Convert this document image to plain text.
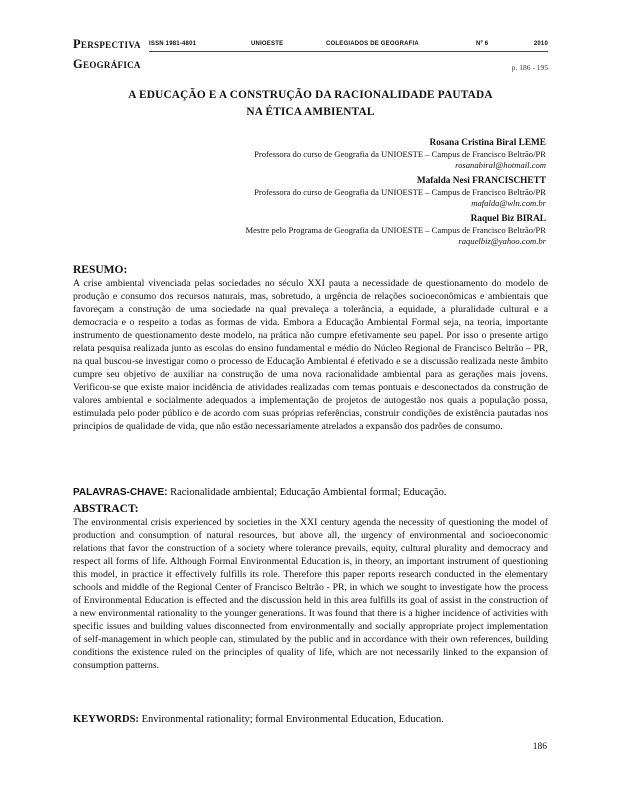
Perspectiva ISSN 1981-4801	UNIOESTE	COLEGIADOS DE GEOGRAFIA	Nº 6	2010
Geográfica	p. 186 - 195
A EDUCAÇÃO E A CONSTRUÇÃO DA RACIONALIDADE PAUTADA
NA ÉTICA AMBIENTAL
Rosana Cristina Biral LEME
Professora do curso de Geografia da UNIOESTE – Campus de Francisco Beltrão/PR
rosanabiral@hotmail.com
Mafalda Nesi FRANCISCHETT
Professora do curso de Geografia da UNIOESTE – Campus de Francisco Beltrão/PR
mafalda@wln.com.br
Raquel Biz BIRAL
Mestre pelo Programa de Geografia da UNIOESTE – Campus de Francisco Beltrão/PR
raquelbiz@yahoo.com.br
RESUMO:

A crise ambiental vivenciada pelas sociedades no século XXI pauta a necessidade de questionamento do modelo de produção e consumo dos recursos naturais, mas, sobretudo, a urgência de relações socioeconômicas e ambientais que favoreçam a construção de uma sociedade na qual prevaleça a tolerância, a equidade, a pluralidade cultural e a democracia e o respeito a todas as formas de vida. Embora a Educação Ambiental Formal seja, na teoria, importante instrumento de questionamento deste modelo, na prática não cumpre efetivamente seu papel. Por isso o presente artigo relata pesquisa realizada junto as escolas do ensino fundamental e médio do Núcleo Regional de Francisco Beltrão – PR, na qual buscou-se investigar como o processo de Educação Ambiental é efetivado e se a discussão realizada neste âmbito cumpre seu objetivo de auxiliar na construção de uma nova racionalidade ambiental para as gerações mais jovens. Verificou-se que existe maior incidência de atividades realizadas com temas pontuais e desconectados da construção de valores ambiental e socialmente adequados a implementação de projetos de autogestão nos quais a população possa, estimulada pelo poder público e de acordo com suas próprias referências, construir condições de existência pautadas nos princípios de qualidade de vida, que não estão necessariamente atrelados a expansão dos padrões de consumo.

PALAVRAS-CHAVE: Racionalidade ambiental; Educação Ambiental formal; Educação.
ABSTRACT:

The environmental crisis experienced by societies in the XXI century agenda the necessity of questioning the model of production and consumption of natural resources, but above all, the urgency of environmental and socioeconomic relations that favor the construction of a society where tolerance prevails, equity, cultural plurality and democracy and respect all forms of life. Although Formal Environmental Education is, in theory, an important instrument of questioning this model, in practice it effectively fulfills its role. Therefore this paper reports research conducted in the elementary schools and middle of the Regional Center of Francisco Beltrão - PR, in which we sought to investigate how the process of Environmental Education is effected and the discussion held in this area fulfills its goal of assist in the construction of a new environmental rationality to the younger generations. It was found that there is a higher incidence of activities with specific issues and building values disconnected from environmentally and socially appropriate project implementation of self-management in which people can, stimulated by the public and in accordance with their own references, building conditions the existence ruled on the principles of quality of life, which are not necessarily linked to the expansion of consumption patterns.

KEYWORDS: Environmental rationality; formal Environmental Education, Education.
186
